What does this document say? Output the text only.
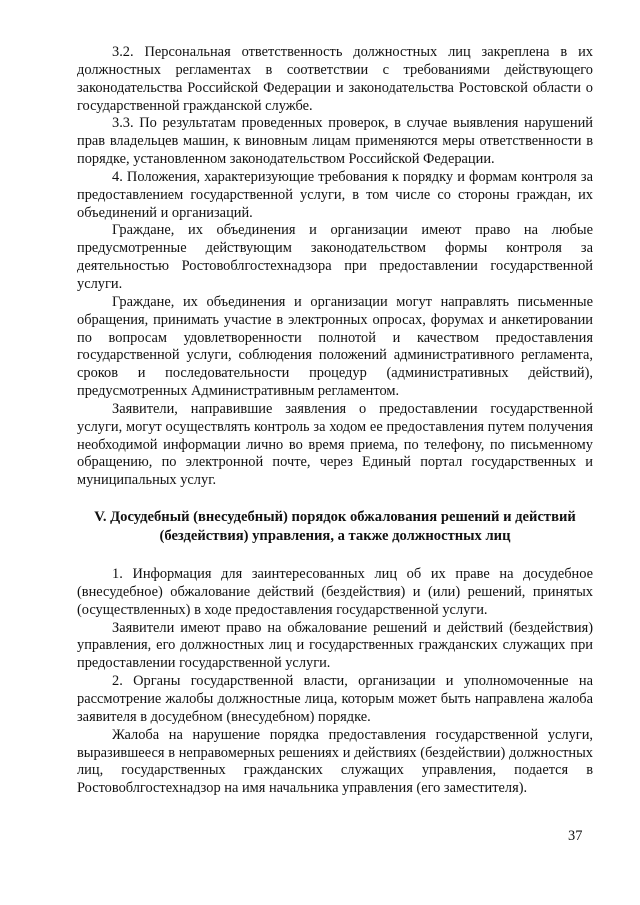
3.2. Персональная ответственность должностных лиц закреплена в их должностных регламентах в соответствии с требованиями действующего законодательства Российской Федерации и законодательства Ростовской области о государственной гражданской службе.

3.3. По результатам проведенных проверок, в случае выявления нарушений прав владельцев машин, к виновным лицам применяются меры ответственности в порядке, установленном законодательством Российской Федерации.

4. Положения, характеризующие требования к порядку и формам контроля за предоставлением государственной услуги, в том числе со стороны граждан, их объединений и организаций.

Граждане, их объединения и организации имеют право на любые предусмотренные действующим законодательством формы контроля за деятельностью Ростовоблгостехнадзора при предоставлении государственной услуги.

Граждане, их объединения и организации могут направлять письменные обращения, принимать участие в электронных опросах, форумах и анкетировании по вопросам удовлетворенности полнотой и качеством предоставления государственной услуги, соблюдения положений административного регламента, сроков и последовательности процедур (административных действий), предусмотренных Административным регламентом.

Заявители, направившие заявления о предоставлении государственной услуги, могут осуществлять контроль за ходом ее предоставления путем получения необходимой информации лично во время приема, по телефону, по письменному обращению, по электронной почте, через Единый портал государственных и муниципальных услуг.

V. Досудебный (внесудебный) порядок обжалования решений и действий
(бездействия) управления, а также должностных лиц

1. Информация для заинтересованных лиц об их праве на досудебное (внесудебное) обжалование действий (бездействия) и (или) решений, принятых (осуществленных) в ходе предоставления государственной услуги.

Заявители имеют право на обжалование решений и действий (бездействия) управления, его должностных лиц и государственных гражданских служащих при предоставлении государственной услуги.

2. Органы государственной власти, организации и уполномоченные на рассмотрение жалобы должностные лица, которым может быть направлена жалоба заявителя в досудебном (внесудебном) порядке.

Жалоба на нарушение порядка предоставления государственной услуги, выразившееся в неправомерных решениях и действиях (бездействии) должностных лиц, государственных гражданских служащих управления, подается в Ростовоблгостехнадзор на имя начальника управления (его заместителя).

37
